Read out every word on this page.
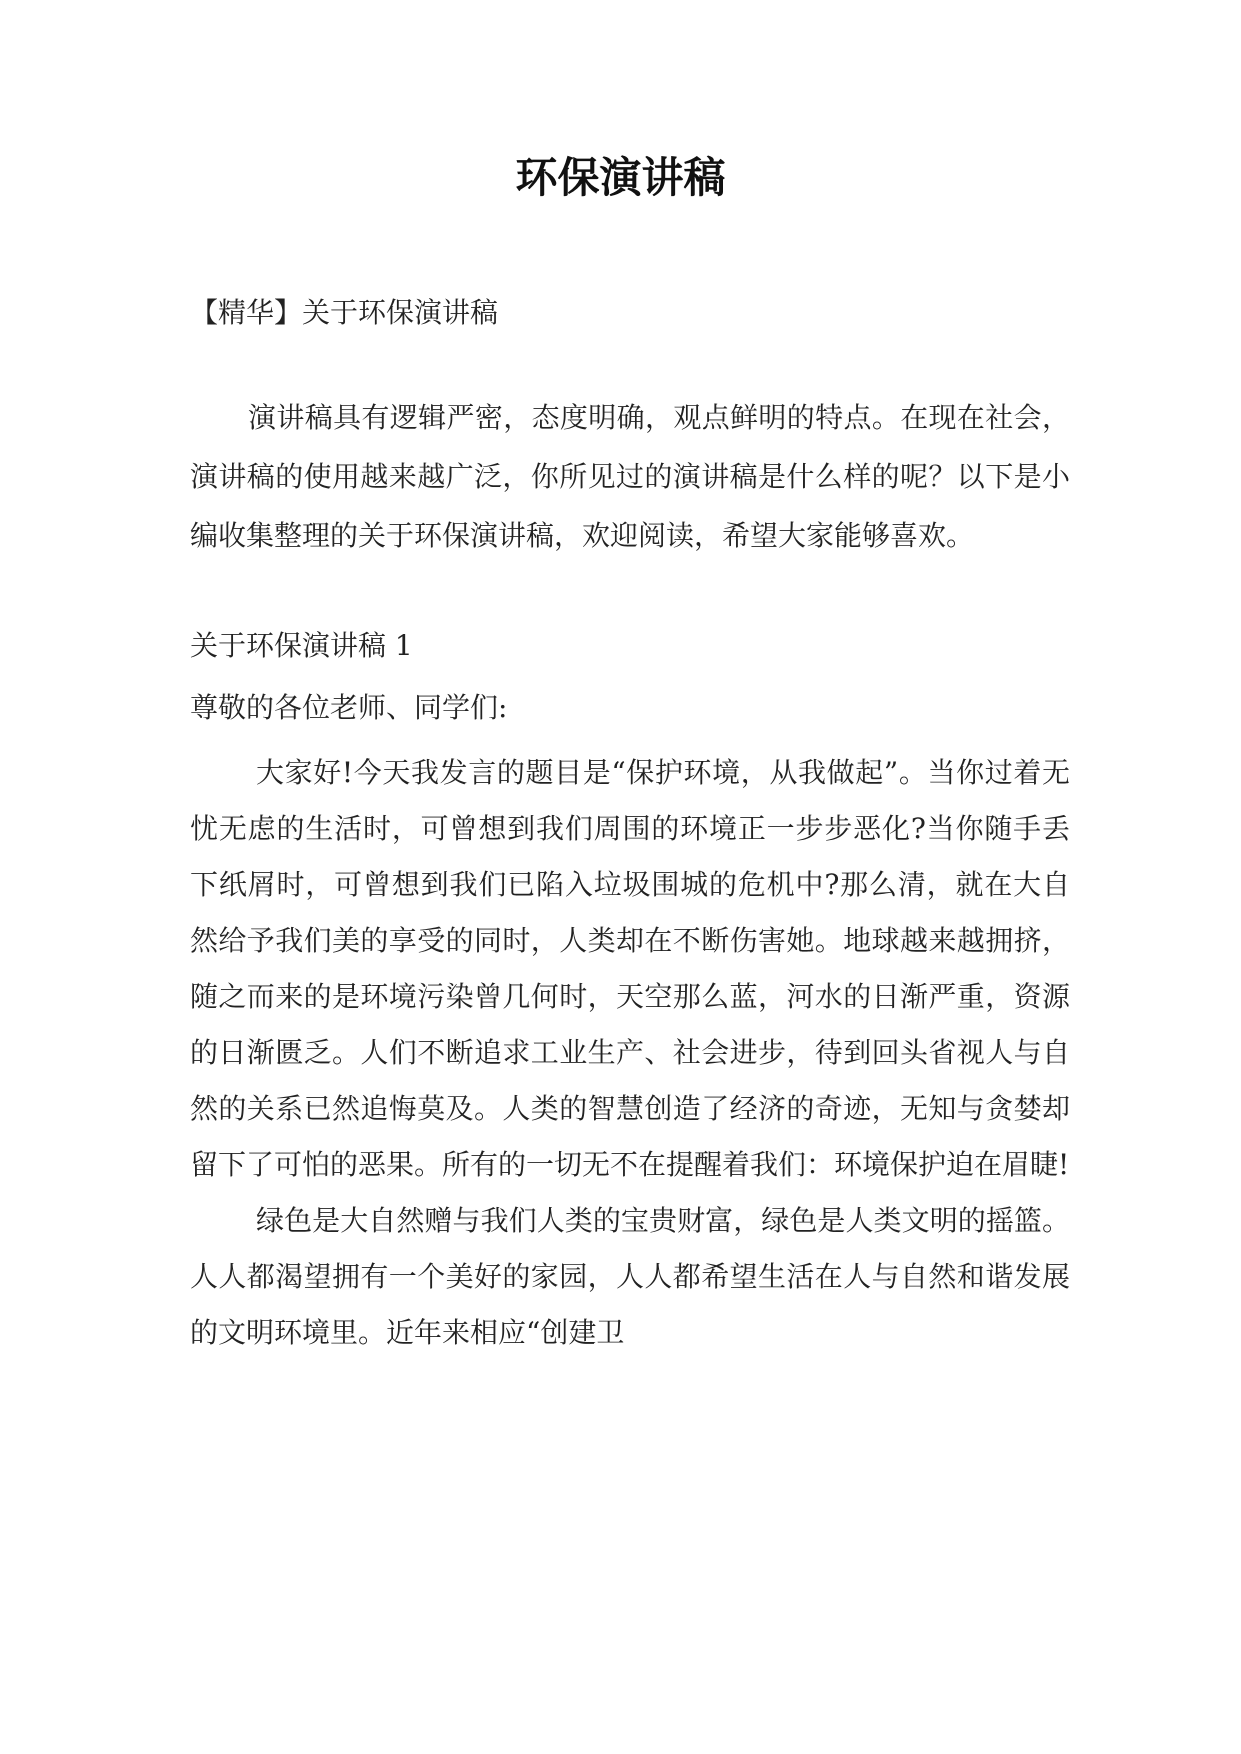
环保演讲稿

【精华】关于环保演讲稿

演讲稿具有逻辑严密，态度明确，观点鲜明的特点。在现在社会，演讲稿的使用越来越广泛，你所见过的演讲稿是什么样的呢？以下是小编收集整理的关于环保演讲稿，欢迎阅读，希望大家能够喜欢。

关于环保演讲稿 1

尊敬的各位老师、同学们:

大家好!今天我发言的题目是“保护环境，从我做起”。当你过着无忧无虑的生活时，可曾想到我们周围的环境正一步步恶化?当你随手丢下纸屑时，可曾想到我们已陷入垃圾围城的危机中?那么清，就在大自然给予我们美的享受的同时，人类却在不断伤害她。地球越来越拥挤，随之而来的是环境污染曾几何时，天空那么蓝，河水的日渐严重，资源的日渐匮乏。人们不断追求工业生产、社会进步，待到回头省视人与自然的关系已然追悔莫及。人类的智慧创造了经济的奇迹，无知与贪婪却留下了可怕的恶果。所有的一切无不在提醒着我们：环境保护迫在眉睫!

绿色是大自然赠与我们人类的宝贵财富，绿色是人类文明的摇篮。人人都渴望拥有一个美好的家园，人人都希望生活在人与自然和谐发展的文明环境里。近年来相应“创建卫
